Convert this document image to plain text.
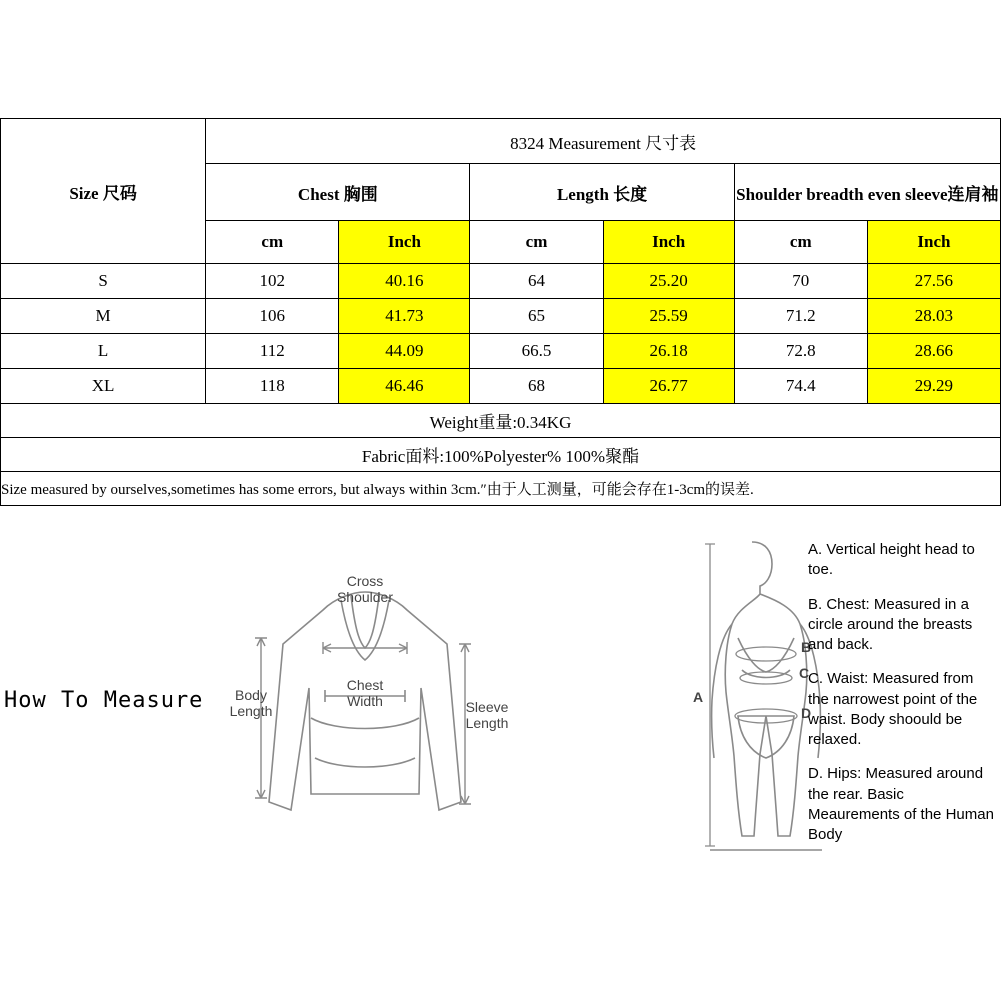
Size 尺码	8324 Measurement 尺寸表					
	Chest 胸围		Length 长度		Shoulder breadth even sleeve连肩袖	
	cm	Inch	cm	Inch	cm	Inch
S	102	40.16	64	25.20	70	27.56
M	106	41.73	65	25.59	71.2	28.03
L	112	44.09	66.5	26.18	72.8	28.66
XL	118	46.46	68	26.77	74.4	29.29
Weight重量:0.34KG						
Fabric面料:100%Polyester% 100%聚酯						
Size measured by ourselves,sometimes has some errors, but always within 3cm.″由于人工测量，可能会存在1-3cm的误差.						
How To Measure
Cross
Shoulder
Body
Length	Sleeve
Length
Chest
Width	A
B
C
D

A. Vertical height head to toe.

B. Chest: Measured in a circle around the breasts and back.

C. Waist: Measured from the narrowest point of the waist. Body shoould be relaxed.

D. Hips: Measured around the rear. Basic Meaurements of the Human Body
